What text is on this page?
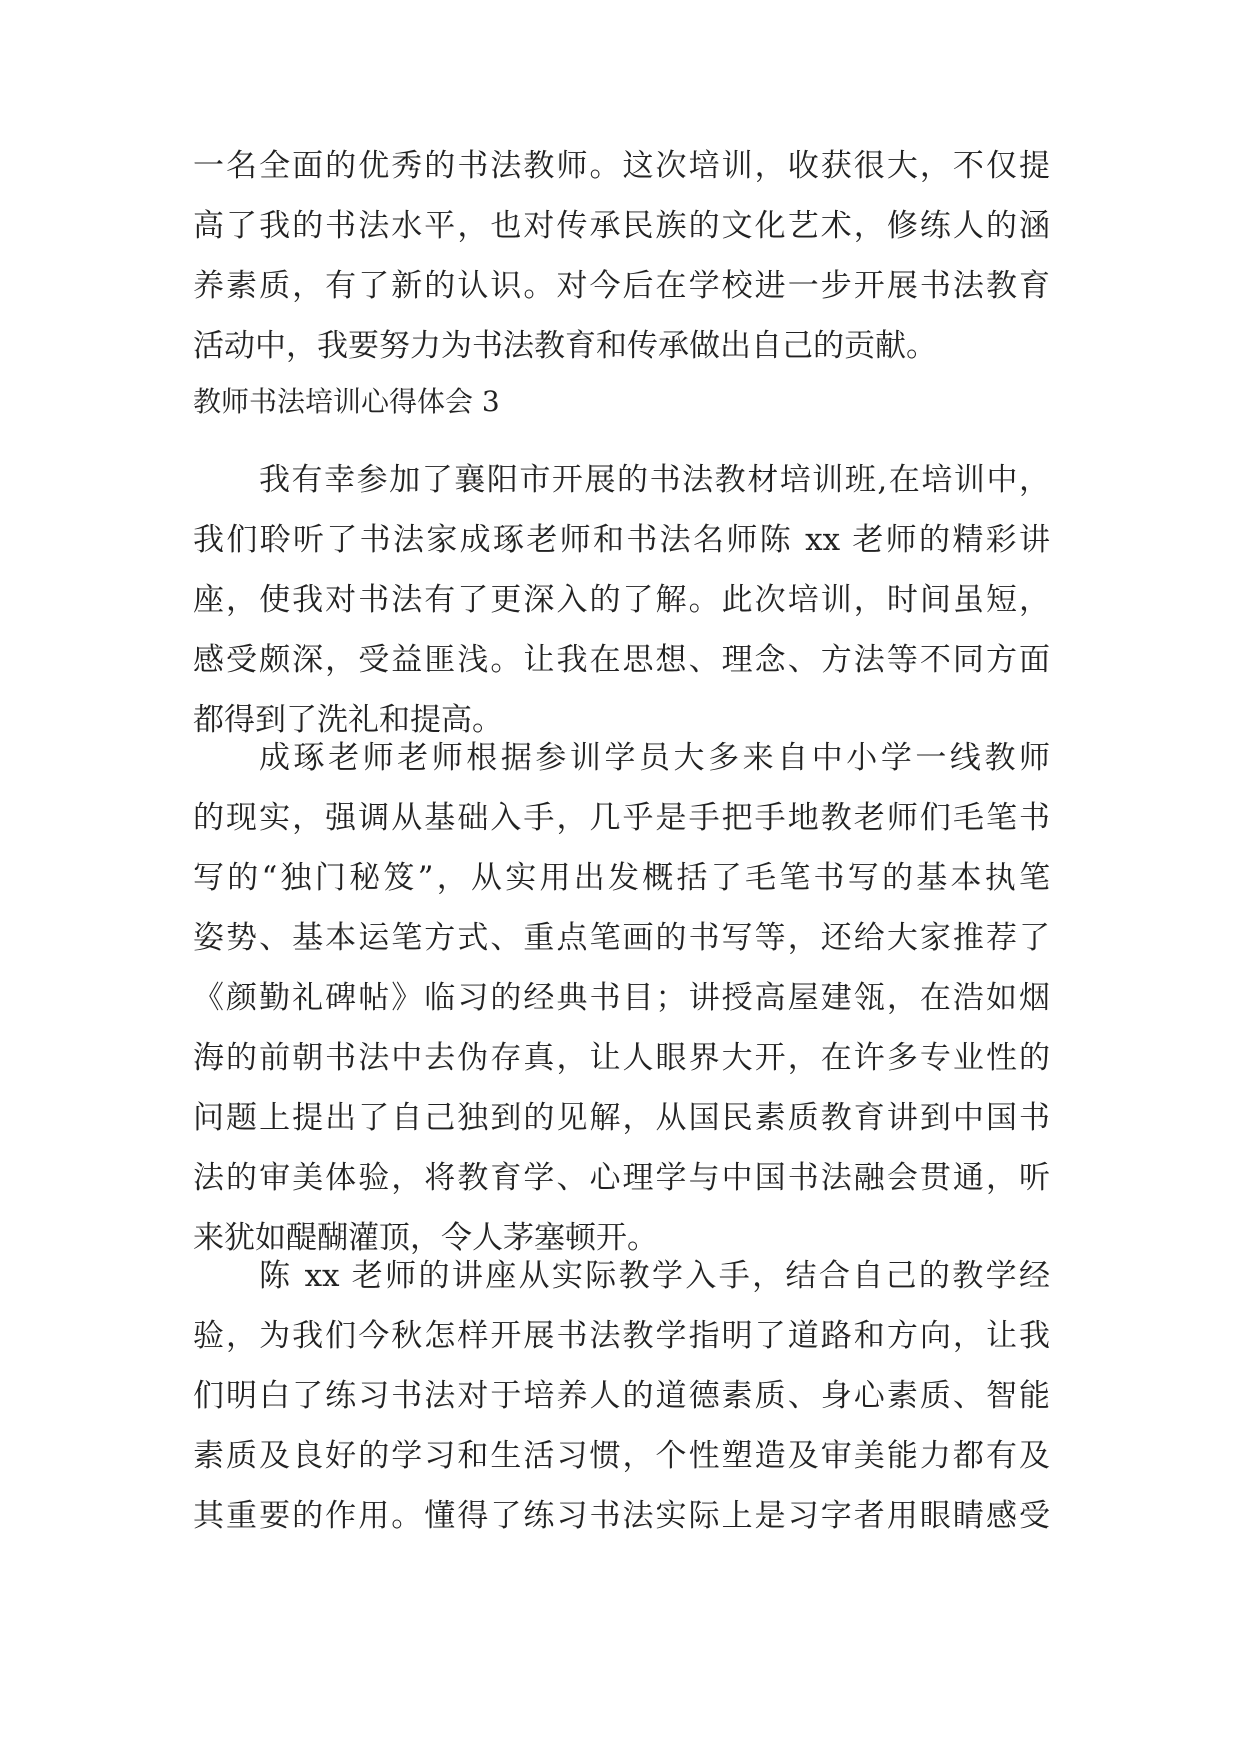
一名全面的优秀的书法教师。这次培训，收获很大，不仅提
高了我的书法水平，也对传承民族的文化艺术，修练人的涵
养素质，有了新的认识。对今后在学校进一步开展书法教育
活动中，我要努力为书法教育和传承做出自己的贡献。
教师书法培训心得体会 3
我有幸参加了襄阳市开展的书法教材培训班,在培训中，
我们聆听了书法家成琢老师和书法名师陈 xx 老师的精彩讲
座，使我对书法有了更深入的了解。此次培训，时间虽短，
感受颇深，受益匪浅。让我在思想、理念、方法等不同方面
都得到了洗礼和提高。
成琢老师老师根据参训学员大多来自中小学一线教师
的现实，强调从基础入手，几乎是手把手地教老师们毛笔书
写的“独门秘笈”，从实用出发概括了毛笔书写的基本执笔
姿势、基本运笔方式、重点笔画的书写等，还给大家推荐了
《颜勤礼碑帖》临习的经典书目；讲授高屋建瓴，在浩如烟
海的前朝书法中去伪存真，让人眼界大开，在许多专业性的
问题上提出了自己独到的见解，从国民素质教育讲到中国书
法的审美体验，将教育学、心理学与中国书法融会贯通，听
来犹如醍醐灌顶，令人茅塞顿开。
陈 xx 老师的讲座从实际教学入手，结合自己的教学经
验，为我们今秋怎样开展书法教学指明了道路和方向，让我
们明白了练习书法对于培养人的道德素质、身心素质、智能
素质及良好的学习和生活习惯，个性塑造及审美能力都有及
其重要的作用。懂得了练习书法实际上是习字者用眼睛感受
